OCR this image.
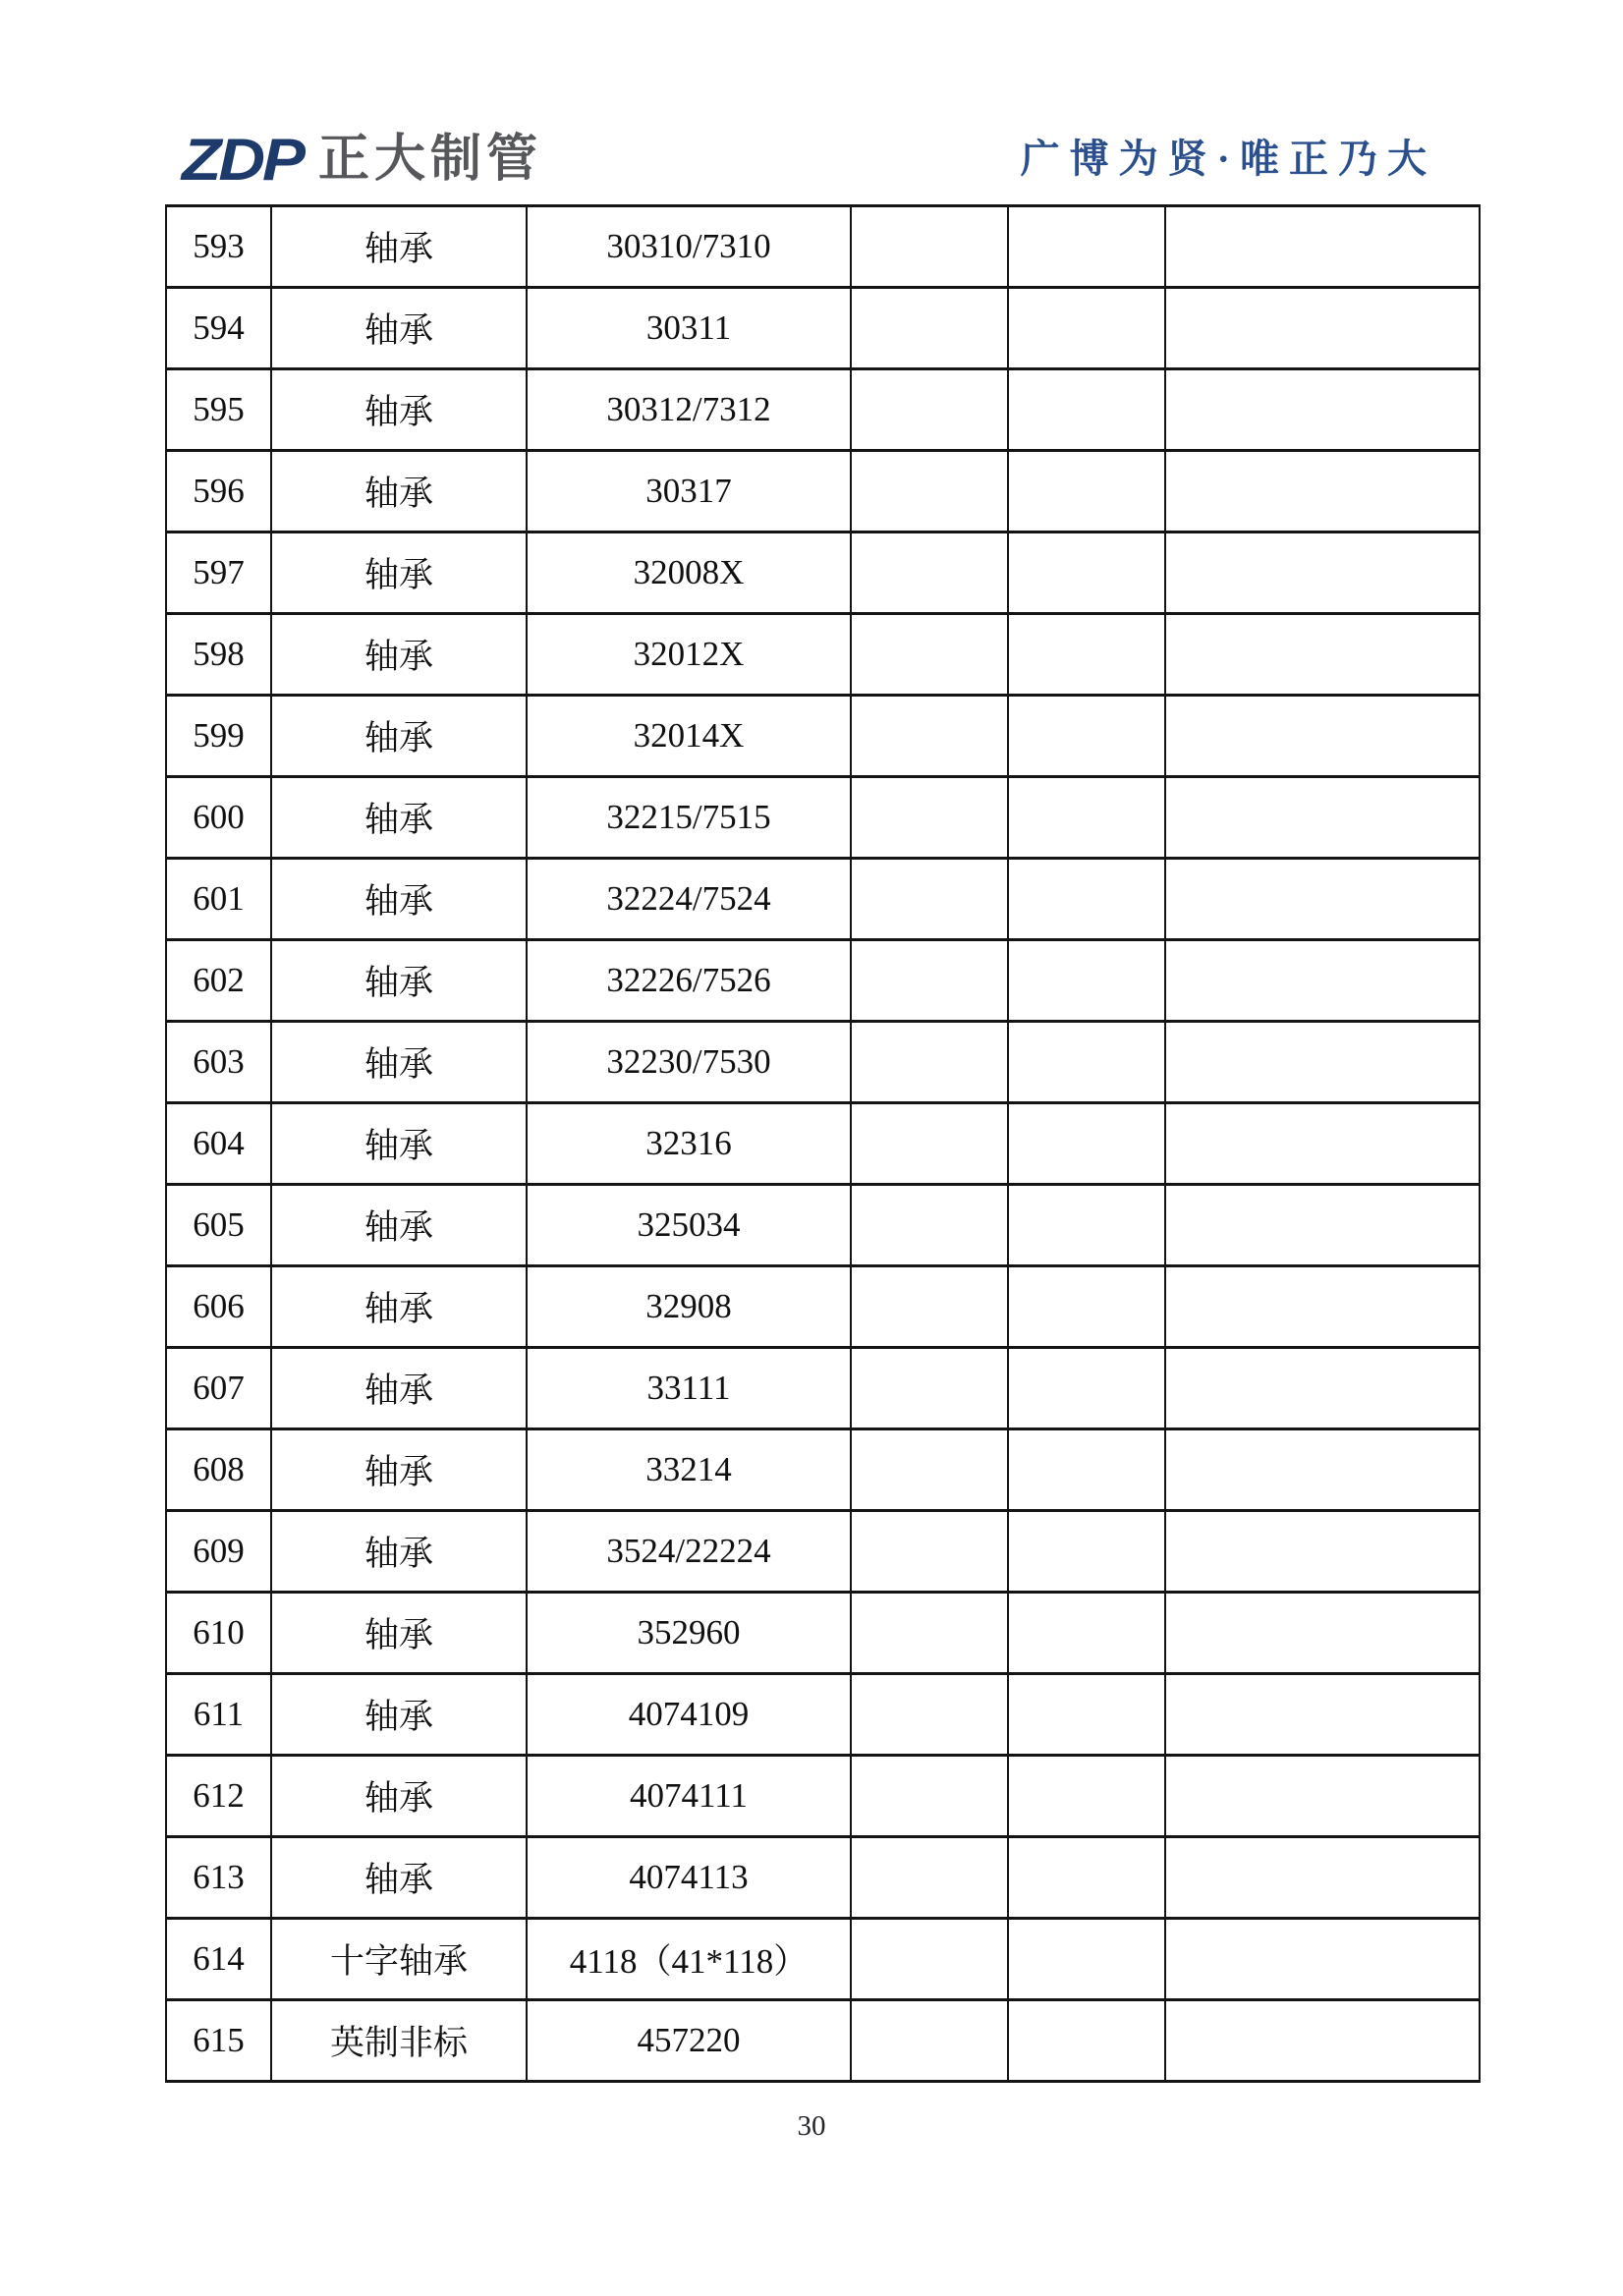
ZDP 正大制管	广博为贤·唯正乃大
593	轴承	30310/7310			
594	轴承	30311			
595	轴承	30312/7312			
596	轴承	30317			
597	轴承	32008X			
598	轴承	32012X			
599	轴承	32014X			
600	轴承	32215/7515			
601	轴承	32224/7524			
602	轴承	32226/7526			
603	轴承	32230/7530			
604	轴承	32316			
605	轴承	325034			
606	轴承	32908			
607	轴承	33111			
608	轴承	33214			
609	轴承	3524/22224			
610	轴承	352960			
611	轴承	4074109			
612	轴承	4074111			
613	轴承	4074113			
614	十字轴承	4118（41*118）			
615	英制非标	457220			
30
